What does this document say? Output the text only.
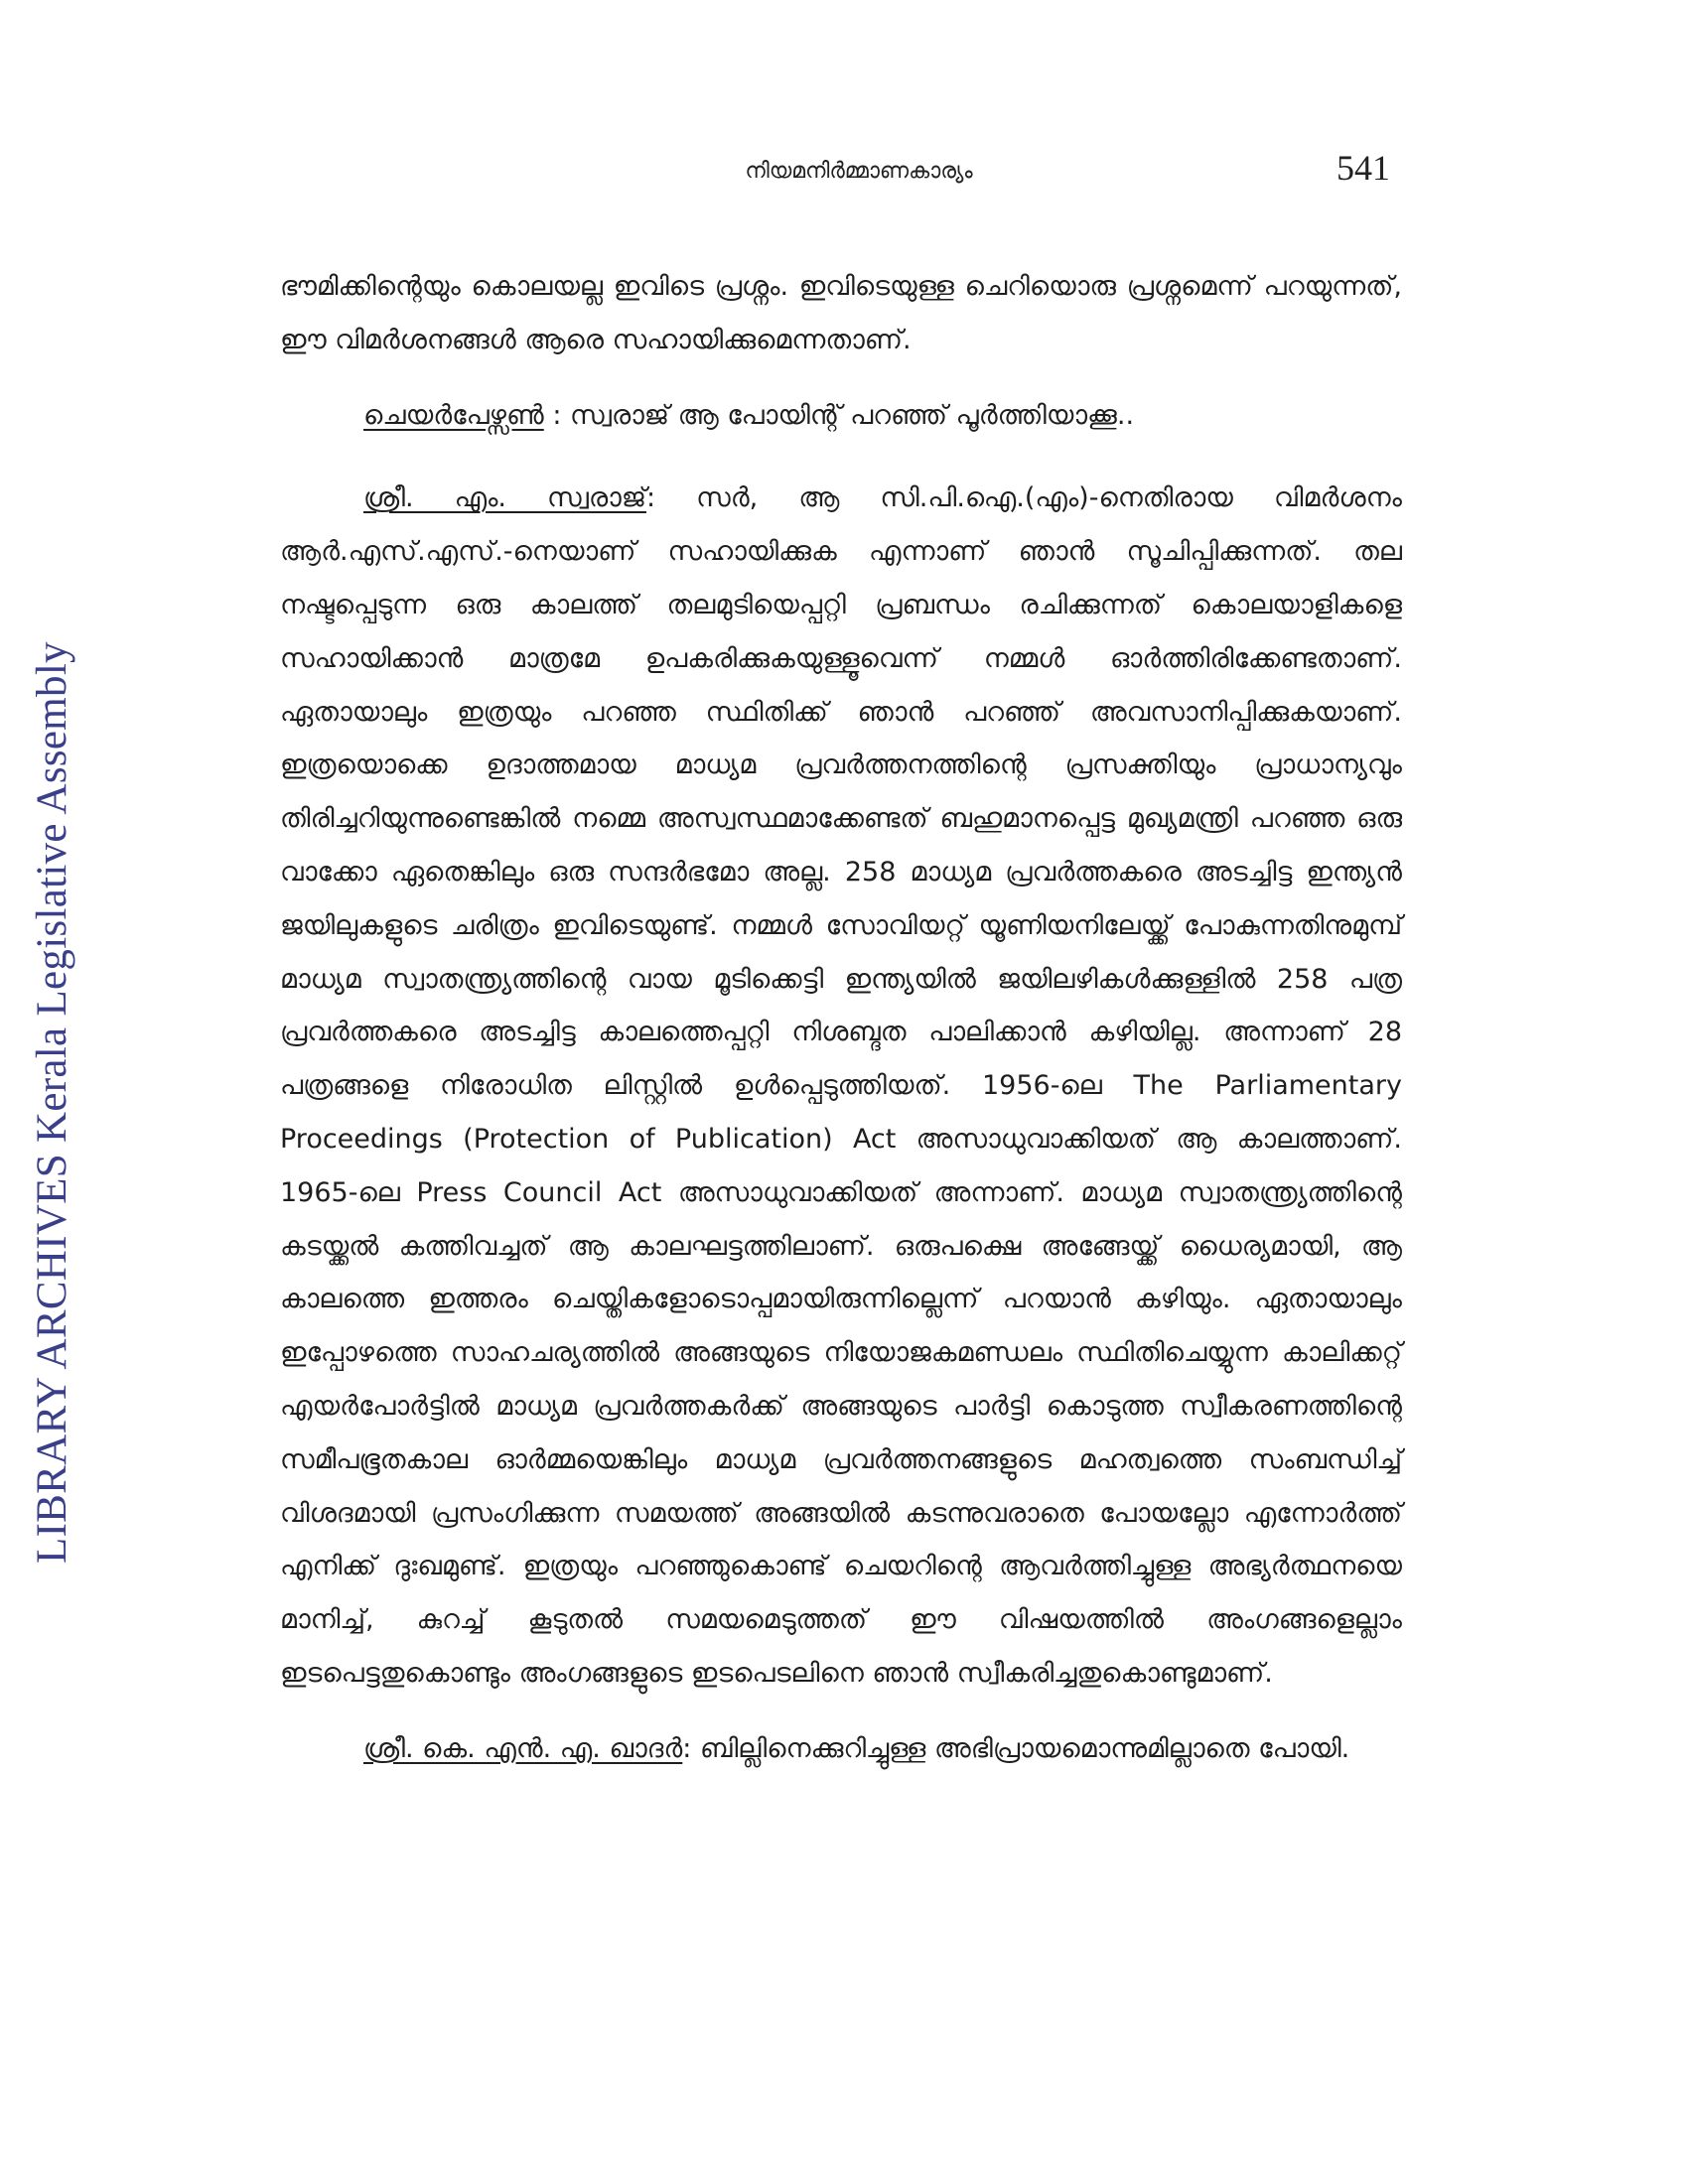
LIBRARY ARCHIVES Kerala Legislative Assembly
നിയമനിർമ്മാണകാര്യം	541

ഭൗമിക്കിന്റെയും കൊലയല്ല ഇവിടെ പ്രശ്നം. ഇവിടെയുള്ള ചെറിയൊരു പ്രശ്നമെന്ന് പറയുന്നത്, ഈ വിമർശനങ്ങൾ ആരെ സഹായിക്കുമെന്നതാണ്.

ചെയർപേഴ്സൺ : സ്വരാജ് ആ പോയിന്റ് പറഞ്ഞ് പൂർത്തിയാക്കൂ..

ശ്രീ. എം. സ്വരാജ്: സർ, ആ സി.പി.ഐ.(എം)-നെതിരായ വിമർശനം ആർ.എസ്.എസ്.-നെയാണ് സഹായിക്കുക എന്നാണ് ഞാൻ സൂചിപ്പിക്കുന്നത്. തല നഷ്ടപ്പെടുന്ന ഒരു കാലത്ത് തലമുടിയെപ്പറ്റി പ്രബന്ധം രചിക്കുന്നത് കൊലയാളികളെ സഹായിക്കാൻ മാത്രമേ ഉപകരിക്കുകയുള്ളൂവെന്ന് നമ്മൾ ഓർത്തിരിക്കേണ്ടതാണ്. ഏതായാലും ഇത്രയും പറഞ്ഞ സ്ഥിതിക്ക് ഞാൻ പറഞ്ഞ് അവസാനിപ്പിക്കുകയാണ്. ഇത്രയൊക്കെ ഉദാത്തമായ മാധ്യമ പ്രവർത്തനത്തിന്റെ പ്രസക്തിയും പ്രാധാന്യവും തിരിച്ചറിയുന്നുണ്ടെങ്കിൽ നമ്മെ അസ്വസ്ഥമാക്കേണ്ടത് ബഹുമാനപ്പെട്ട മുഖ്യമന്ത്രി പറഞ്ഞ ഒരു വാക്കോ ഏതെങ്കിലും ഒരു സന്ദർഭമോ അല്ല. 258 മാധ്യമ പ്രവർത്തകരെ അടച്ചിട്ട ഇന്ത്യൻ ജയിലുകളുടെ ചരിത്രം ഇവിടെയുണ്ട്. നമ്മൾ സോവിയറ്റ് യൂണിയനിലേയ്ക്ക് പോകുന്നതിനുമുമ്പ് മാധ്യമ സ്വാതന്ത്ര്യത്തിന്റെ വായ മൂടിക്കെട്ടി ഇന്ത്യയിൽ ജയിലഴികൾക്കുള്ളിൽ 258 പത്ര പ്രവർത്തകരെ അടച്ചിട്ട കാലത്തെപ്പറ്റി നിശബ്ദത പാലിക്കാൻ കഴിയില്ല. അന്നാണ് 28 പത്രങ്ങളെ നിരോധിത ലിസ്റ്റിൽ ഉൾപ്പെടുത്തിയത്. 1956-ലെ The Parliamentary Proceedings (Protection of Publication) Act അസാധുവാക്കിയത് ആ കാലത്താണ്. 1965-ലെ Press Council Act അസാധുവാക്കിയത് അന്നാണ്. മാധ്യമ സ്വാതന്ത്ര്യത്തിന്റെ കടയ്ക്കൽ കത്തിവച്ചത് ആ കാലഘട്ടത്തിലാണ്. ഒരുപക്ഷെ അങ്ങേയ്ക്ക് ധൈര്യമായി, ആ കാലത്തെ ഇത്തരം ചെയ്തികളോടൊപ്പമായിരുന്നില്ലെന്ന് പറയാൻ കഴിയും. ഏതായാലും ഇപ്പോഴത്തെ സാഹചര്യത്തിൽ അങ്ങയുടെ നിയോജകമണ്ഡലം സ്ഥിതിചെയ്യുന്ന കാലിക്കറ്റ് എയർപോർട്ടിൽ മാധ്യമ പ്രവർത്തകർക്ക് അങ്ങയുടെ പാർട്ടി കൊടുത്ത സ്വീകരണത്തിന്റെ സമീപഭൂതകാല ഓർമ്മയെങ്കിലും മാധ്യമ പ്രവർത്തനങ്ങളുടെ മഹത്വത്തെ സംബന്ധിച്ച് വിശദമായി പ്രസംഗിക്കുന്ന സമയത്ത് അങ്ങയിൽ കടന്നുവരാതെ പോയല്ലോ എന്നോർത്ത് എനിക്ക് ദുഃഖമുണ്ട്. ഇത്രയും പറഞ്ഞുകൊണ്ട് ചെയറിന്റെ ആവർത്തിച്ചുള്ള അഭ്യർത്ഥനയെ മാനിച്ച്, കുറച്ച് കൂടുതൽ സമയമെടുത്തത് ഈ വിഷയത്തിൽ അംഗങ്ങളെല്ലാം ഇടപെട്ടതുകൊണ്ടും അംഗങ്ങളുടെ ഇടപെടലിനെ ഞാൻ സ്വീകരിച്ചതുകൊണ്ടുമാണ്.

ശ്രീ. കെ. എൻ. എ. ഖാദർ: ബില്ലിനെക്കുറിച്ചുള്ള അഭിപ്രായമൊന്നുമില്ലാതെ പോയി.
